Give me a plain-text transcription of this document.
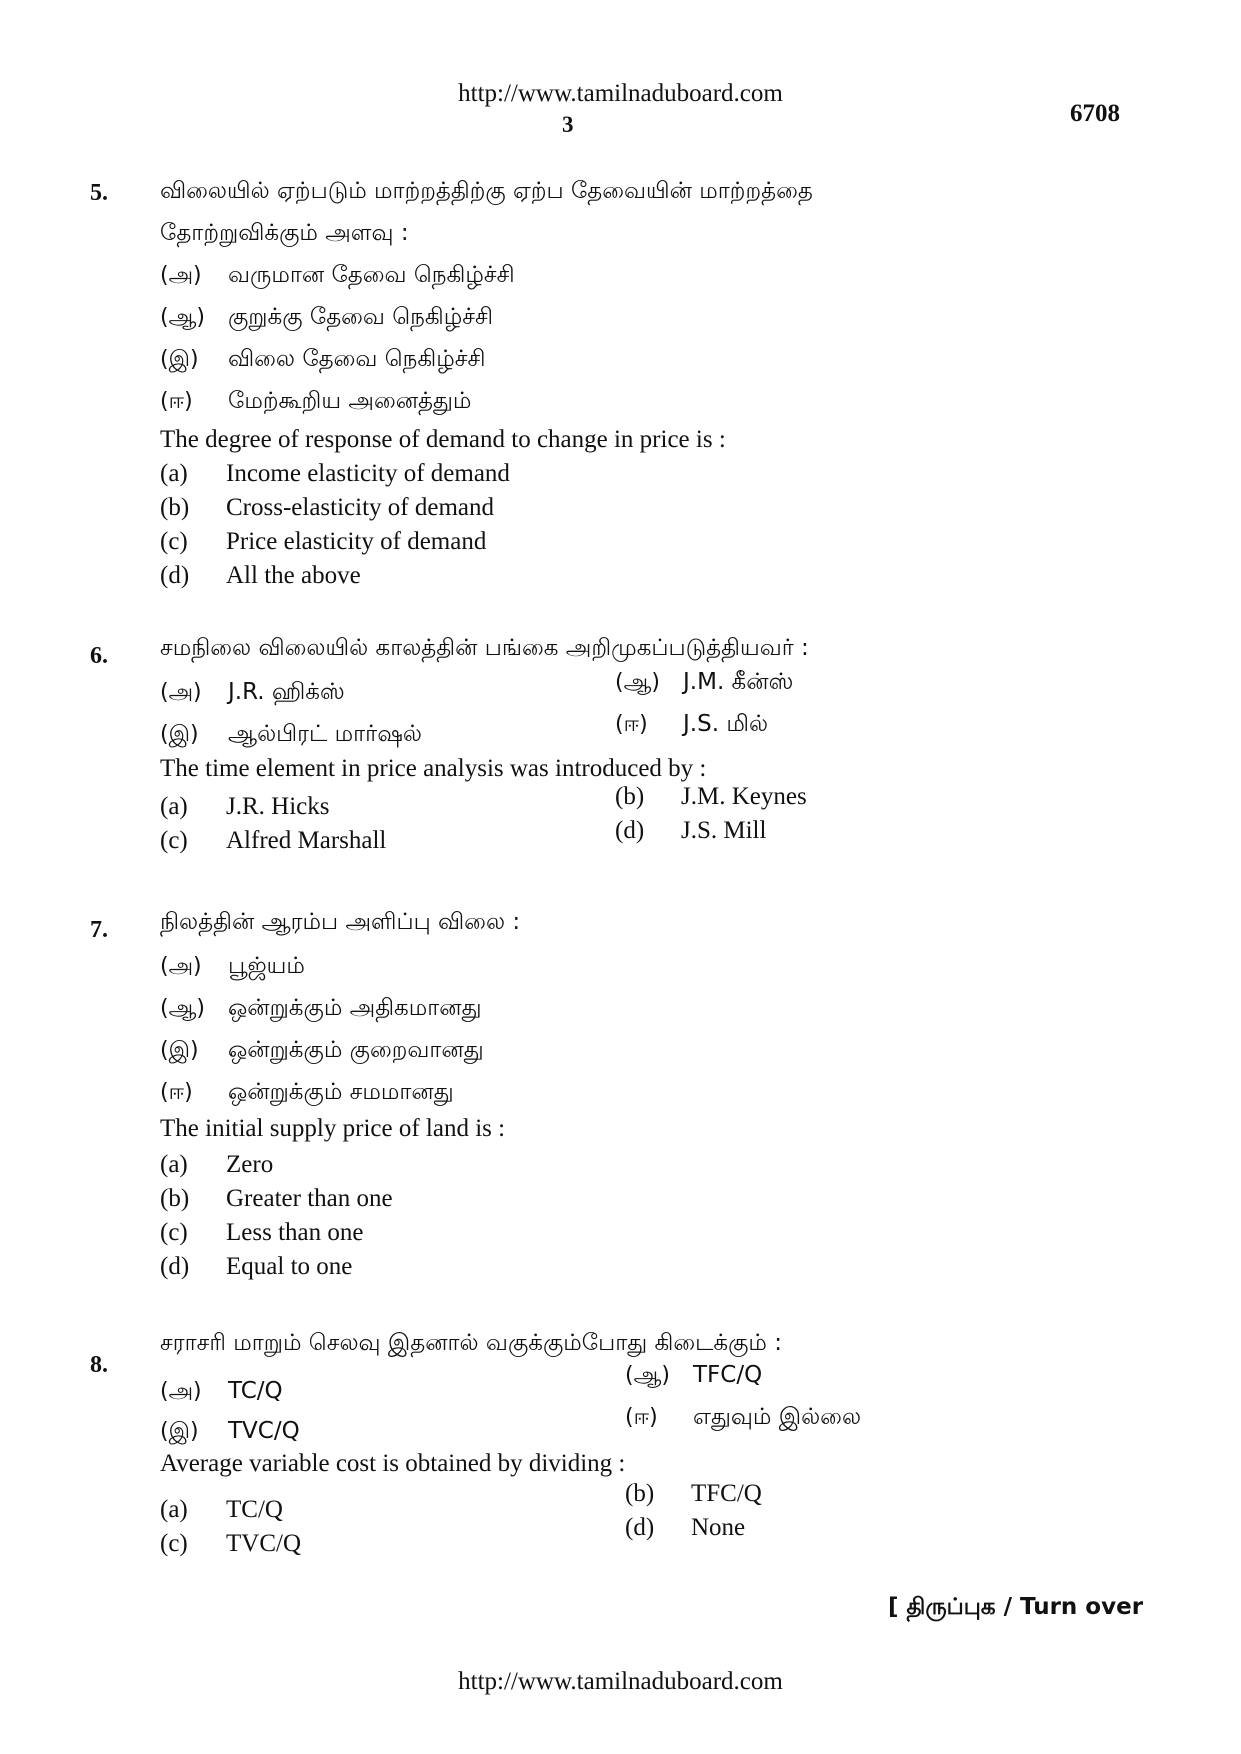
http://www.tamilnaduboard.com
3	6708
5. விலையில் ஏற்படும் மாற்றத்திற்கு ஏற்ப தேவையின் மாற்றத்தை
தோற்றுவிக்கும் அளவு :
(அ) வருமான தேவை நெகிழ்ச்சி
(ஆ) குறுக்கு தேவை நெகிழ்ச்சி
(இ) விலை தேவை நெகிழ்ச்சி
(ஈ) மேற்கூறிய அனைத்தும்
The degree of response of demand to change in price is :
(a) Income elasticity of demand
(b) Cross-elasticity of demand
(c) Price elasticity of demand
(d) All the above
6. சமநிலை விலையில் காலத்தின் பங்கை அறிமுகப்படுத்தியவர் :
(அ) J.R. ஹிக்ஸ்	(ஆ) J.M. கீன்ஸ்
(இ) ஆல்பிரட் மார்ஷல்	(ஈ) J.S. மில்
The time element in price analysis was introduced by :
(a) J.R. Hicks	(b) J.M. Keynes
(c) Alfred Marshall	(d) J.S. Mill
7. நிலத்தின் ஆரம்ப அளிப்பு விலை :
(அ) பூஜ்யம்
(ஆ) ஒன்றுக்கும் அதிகமானது
(இ) ஒன்றுக்கும் குறைவானது
(ஈ) ஒன்றுக்கும் சமமானது
The initial supply price of land is :
(a) Zero
(b) Greater than one
(c) Less than one
(d) Equal to one
8.
சராசரி மாறும் செலவு இதனால் வகுக்கும்போது கிடைக்கும் :
(அ) TC/Q
(ஆ) TFC/Q
(இ) TVC/Q
(ஈ) எதுவும் இல்லை
Average variable cost is obtained by dividing :
(a) TC/Q
(b) TFC/Q
(c) TVC/Q
(d) None
[ திருப்புக / Turn over
http://www.tamilnaduboard.com
